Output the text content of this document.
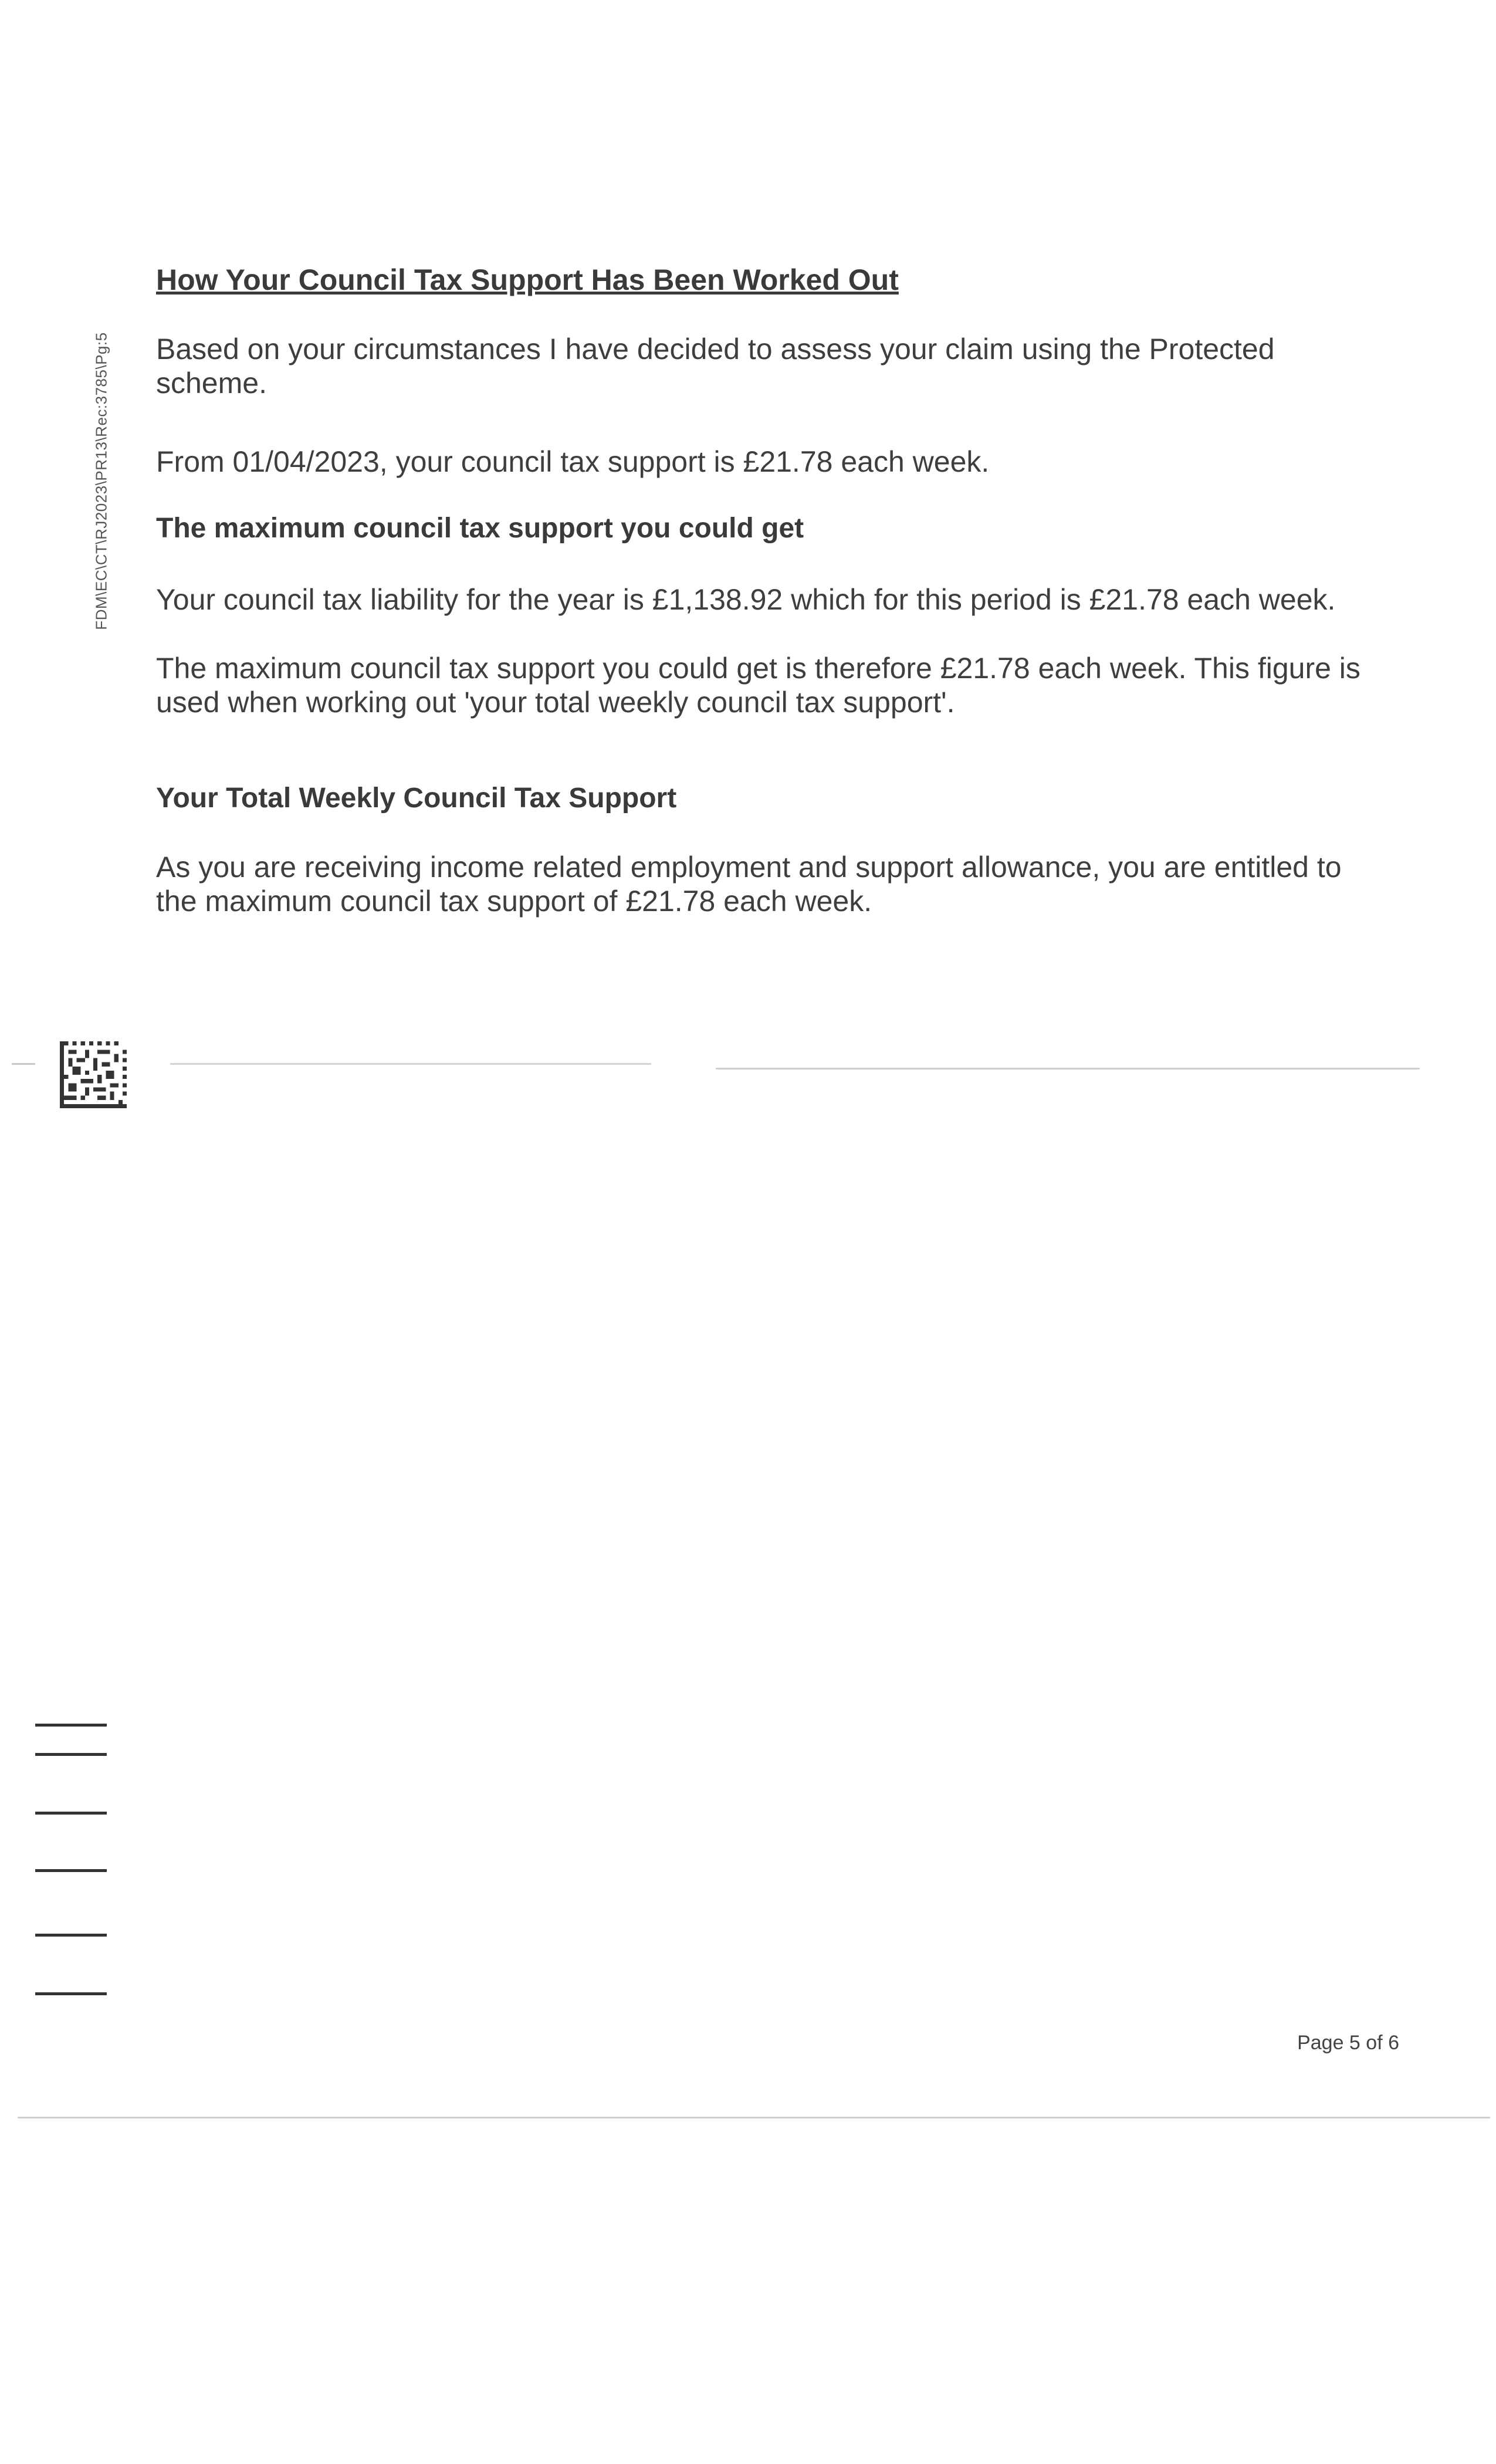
FDM\EC\CT\RJ2023\PR13\Rec:3785\Pg:5
How Your Council Tax Support Has Been Worked Out

Based on your circumstances I have decided to assess your claim using the Protected scheme.

From 01/04/2023, your council tax support is £21.78 each week.

The maximum council tax support you could get

Your council tax liability for the year is £1,138.92 which for this period is £21.78 each week.

The maximum council tax support you could get is therefore £21.78 each week. This figure is used when working out 'your total weekly council tax support'.

Your Total Weekly Council Tax Support

As you are receiving income related employment and support allowance, you are entitled to the maximum council tax support of £21.78 each week.

Page 5 of 6
